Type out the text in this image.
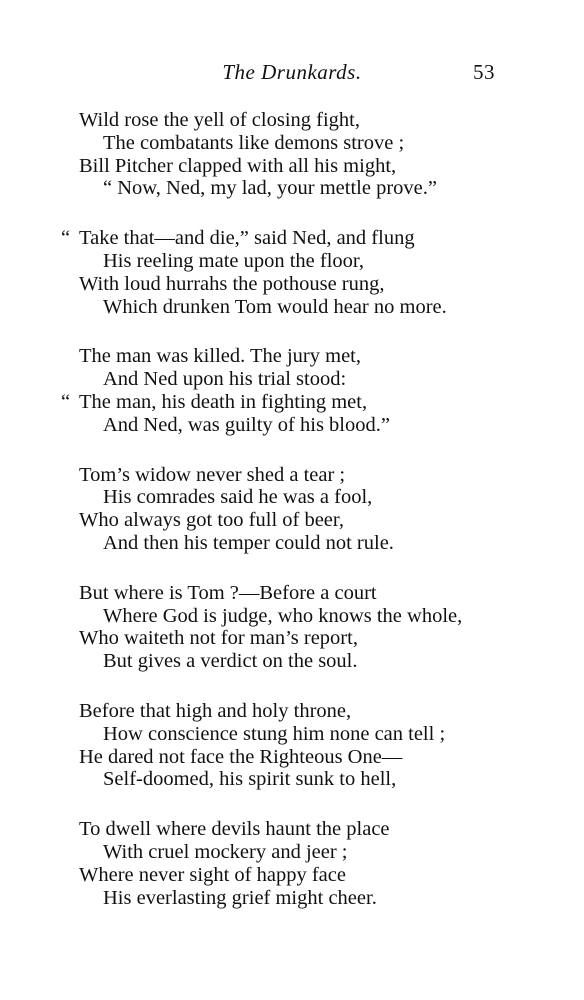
The Drunkards.	53
Wild rose the yell of closing fight,
The combatants like demons strove ;
Bill Pitcher clapped with all his might,
“ Now, Ned, my lad, your mettle prove.”
“ Take that—and die,” said Ned, and flung
His reeling mate upon the floor,
With loud hurrahs the pothouse rung,
Which drunken Tom would hear no more.
The man was killed. The jury met,
And Ned upon his trial stood:
“ The man, his death in fighting met,
And Ned, was guilty of his blood.”
Tom’s widow never shed a tear ;
His comrades said he was a fool,
Who always got too full of beer,
And then his temper could not rule.
But where is Tom ?—Before a court
Where God is judge, who knows the whole,
Who waiteth not for man’s report,
But gives a verdict on the soul.
Before that high and holy throne,
How conscience stung him none can tell ;
He dared not face the Righteous One—
Self-doomed, his spirit sunk to hell,
To dwell where devils haunt the place
With cruel mockery and jeer ;
Where never sight of happy face
His everlasting grief might cheer.
